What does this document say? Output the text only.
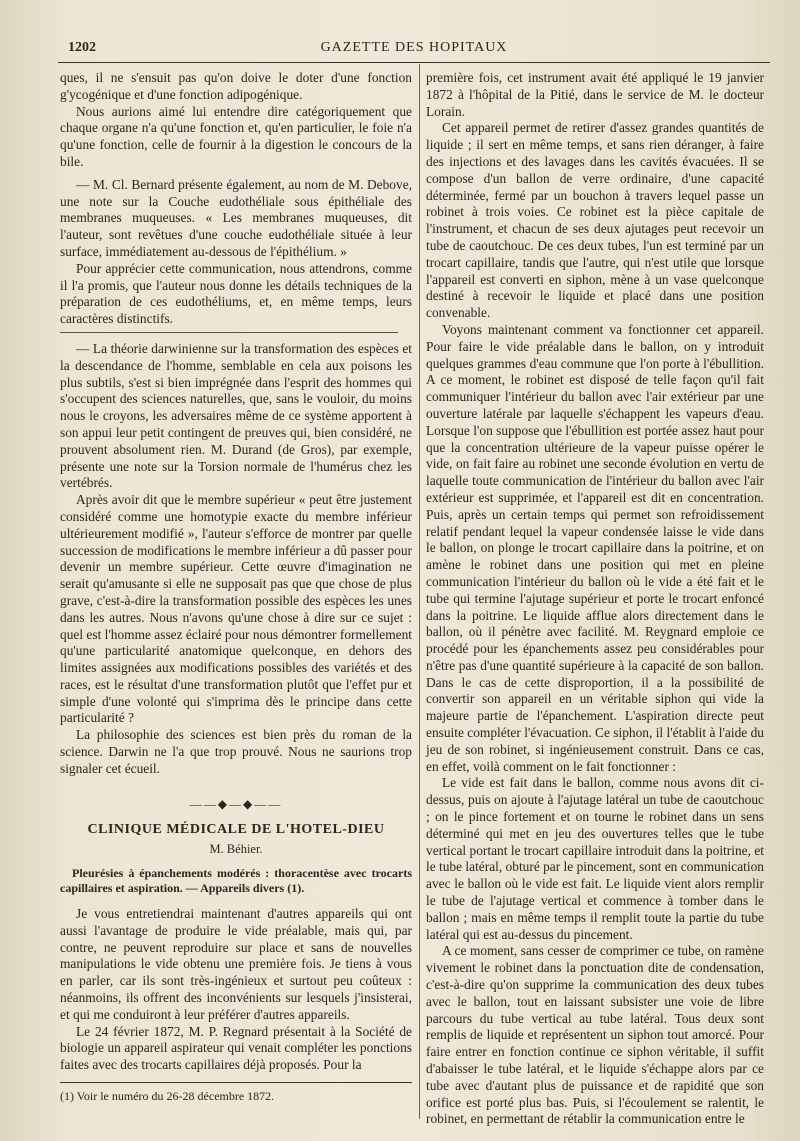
1202	GAZETTE DES HOPITAUX

ques, il ne s'ensuit pas qu'on doive le doter d'une fonction g'ycogénique et d'une fonction adipogénique.

Nous aurions aimé lui entendre dire catégoriquement que chaque organe n'a qu'une fonction et, qu'en particulier, le foie n'a qu'une fonction, celle de fournir à la digestion le concours de la bile.

— M. Cl. Bernard présente également, au nom de M. Debove, une note sur la Couche eudothéliale sous épithéliale des membranes muqueuses. « Les membranes muqueuses, dit l'auteur, sont revêtues d'une couche eudothéliale située à leur surface, immédiatement au-dessous de l'épithélium. »

Pour apprécier cette communication, nous attendrons, comme il l'a promis, que l'auteur nous donne les détails techniques de la préparation de ces eudothéliums, et, en même temps, leurs caractères distinctifs.

— La théorie darwinienne sur la transformation des espèces et la descendance de l'homme, semblable en cela aux poisons les plus subtils, s'est si bien imprégnée dans l'esprit des hommes qui s'occupent des sciences naturelles, que, sans le vouloir, du moins nous le croyons, les adversaires même de ce système apportent à son appui leur petit contingent de preuves qui, bien considéré, ne prouvent absolument rien. M. Durand (de Gros), par exemple, présente une note sur la Torsion normale de l'humérus chez les vertébrés.

Après avoir dit que le membre supérieur « peut être justement considéré comme une homotypie exacte du membre inférieur ultérieurement modifié », l'auteur s'efforce de montrer par quelle succession de modifications le membre inférieur a dû passer pour devenir un membre supérieur. Cette œuvre d'imagination ne serait qu'amusante si elle ne supposait pas que que chose de plus grave, c'est-à-dire la transformation possible des espèces les unes dans les autres. Nous n'avons qu'une chose à dire sur ce sujet : quel est l'homme assez éclairé pour nous démontrer formellement qu'une particularité anatomique quelconque, en dehors des limites assignées aux modifications possibles des variétés et des races, est le résultat d'une transformation plutôt que l'effet pur et simple d'une volonté qui s'imprima dès le principe dans cette particularité ?

La philosophie des sciences est bien près du roman de la science. Darwin ne l'a que trop prouvé. Nous ne saurions trop signaler cet écueil.

——◆—◆——
CLINIQUE MÉDICALE DE L'HOTEL-DIEU
M. Béhier.
Pleurésies à épanchements modérés : thoracentèse avec trocarts capillaires et aspiration. — Appareils divers (1).

Je vous entretiendrai maintenant d'autres appareils qui ont aussi l'avantage de produire le vide préalable, mais qui, par contre, ne peuvent reproduire sur place et sans de nouvelles manipulations le vide obtenu une première fois. Je tiens à vous en parler, car ils sont très-ingénieux et surtout peu coûteux : néanmoins, ils offrent des inconvénients sur lesquels j'insisterai, et qui me conduiront à leur préférer d'autres appareils.

Le 24 février 1872, M. P. Regnard présentait à la Société de biologie un appareil aspirateur qui venait compléter les ponctions faites avec des trocarts capillaires déjà proposés. Pour la

(1) Voir le numéro du 26-28 décembre 1872.

première fois, cet instrument avait été appliqué le 19 janvier 1872 à l'hôpital de la Pitié, dans le service de M. le docteur Lorain.

Cet appareil permet de retirer d'assez grandes quantités de liquide ; il sert en même temps, et sans rien déranger, à faire des injections et des lavages dans les cavités évacuées. Il se compose d'un ballon de verre ordinaire, d'une capacité déterminée, fermé par un bouchon à travers lequel passe un robinet à trois voies. Ce robinet est la pièce capitale de l'instrument, et chacun de ses deux ajutages peut recevoir un tube de caoutchouc. De ces deux tubes, l'un est terminé par un trocart capillaire, tandis que l'autre, qui n'est utile que lorsque l'appareil est converti en siphon, mène à un vase quelconque destiné à recevoir le liquide et placé dans une position convenable.

Voyons maintenant comment va fonctionner cet appareil. Pour faire le vide préalable dans le ballon, on y introduit quelques grammes d'eau commune que l'on porte à l'ébullition. A ce moment, le robinet est disposé de telle façon qu'il fait communiquer l'intérieur du ballon avec l'air extérieur par une ouverture latérale par laquelle s'échappent les vapeurs d'eau. Lorsque l'on suppose que l'ébullition est portée assez haut pour que la concentration ultérieure de la vapeur puisse opérer le vide, on fait faire au robinet une seconde évolution en vertu de laquelle toute communication de l'intérieur du ballon avec l'air extérieur est supprimée, et l'appareil est dit en concentration. Puis, après un certain temps qui permet son refroidissement relatif pendant lequel la vapeur condensée laisse le vide dans le ballon, on plonge le trocart capillaire dans la poitrine, et on amène le robinet dans une position qui met en pleine communication l'intérieur du ballon où le vide a été fait et le tube qui termine l'ajutage supérieur et porte le trocart enfoncé dans la poitrine. Le liquide afflue alors directement dans le ballon, où il pénètre avec facilité. M. Reygnard emploie ce procédé pour les épanchements assez peu considérables pour n'être pas d'une quantité supérieure à la capacité de son ballon. Dans le cas de cette disproportion, il a la possibilité de convertir son appareil en un véritable siphon qui vide la majeure partie de l'épanchement. L'aspiration directe peut ensuite compléter l'évacuation. Ce siphon, il l'établit à l'aide du jeu de son robinet, si ingénieusement construit. Dans ce cas, en effet, voilà comment on le fait fonctionner :

Le vide est fait dans le ballon, comme nous avons dit ci-dessus, puis on ajoute à l'ajutage latéral un tube de caoutchouc ; on le pince fortement et on tourne le robinet dans un sens déterminé qui met en jeu des ouvertures telles que le tube vertical portant le trocart capillaire introduit dans la poitrine, et le tube latéral, obturé par le pincement, sont en communication avec le ballon où le vide est fait. Le liquide vient alors remplir le tube de l'ajutage vertical et commence à tomber dans le ballon ; mais en même temps il remplit toute la partie du tube latéral qui est au-dessus du pincement.

A ce moment, sans cesser de comprimer ce tube, on ramène vivement le robinet dans la ponctuation dite de condensation, c'est-à-dire qu'on supprime la communication des deux tubes avec le ballon, tout en laissant subsister une voie de libre parcours du tube vertical au tube latéral. Tous deux sont remplis de liquide et représentent un siphon tout amorcé. Pour faire entrer en fonction continue ce siphon véritable, il suffit d'abaisser le tube latéral, et le liquide s'échappe alors par ce tube avec d'autant plus de puissance et de rapidité que son orifice est porté plus bas. Puis, si l'écoulement se ralentit, le robinet, en permettant de rétablir la communication entre le
